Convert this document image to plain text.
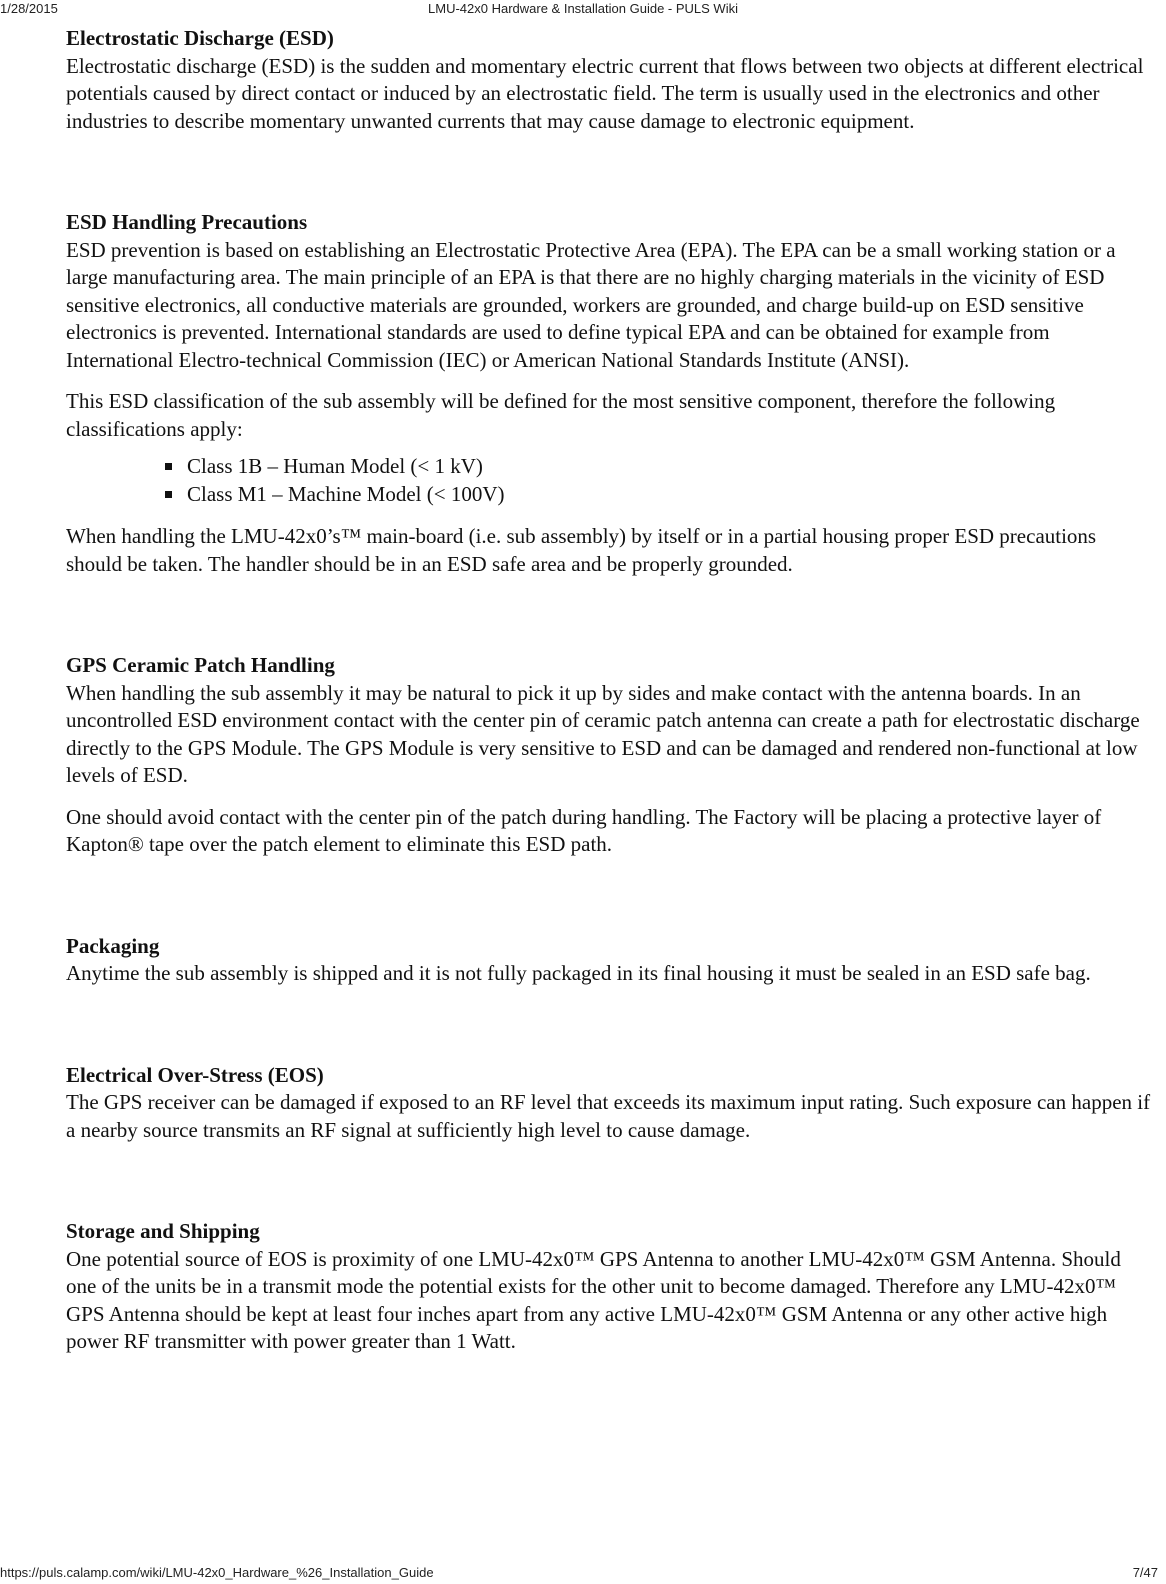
1/28/2015	LMU-42x0 Hardware & Installation Guide - PULS Wiki
Electrostatic Discharge (ESD)

Electrostatic discharge (ESD) is the sudden and momentary electric current that flows between two objects at different electrical potentials caused by direct contact or induced by an electrostatic field. The term is usually used in the electronics and other industries to describe momentary unwanted currents that may cause damage to electronic equipment.

ESD Handling Precautions

ESD prevention is based on establishing an Electrostatic Protective Area (EPA). The EPA can be a small working station or a large manufacturing area. The main principle of an EPA is that there are no highly charging materials in the vicinity of ESD sensitive electronics, all conductive materials are grounded, workers are grounded, and charge build-up on ESD sensitive electronics is prevented. International standards are used to define typical EPA and can be obtained for example from International Electro-technical Commission (IEC) or American National Standards Institute (ANSI).

This ESD classification of the sub assembly will be defined for the most sensitive component, therefore the following classifications apply:

Class 1B – Human Model (< 1 kV)
Class M1 – Machine Model (< 100V)

When handling the LMU-42x0’s™ main-board (i.e. sub assembly) by itself or in a partial housing proper ESD precautions should be taken. The handler should be in an ESD safe area and be properly grounded.

GPS Ceramic Patch Handling

When handling the sub assembly it may be natural to pick it up by sides and make contact with the antenna boards. In an uncontrolled ESD environment contact with the center pin of ceramic patch antenna can create a path for electrostatic discharge directly to the GPS Module. The GPS Module is very sensitive to ESD and can be damaged and rendered non-functional at low levels of ESD.

One should avoid contact with the center pin of the patch during handling. The Factory will be placing a protective layer of Kapton® tape over the patch element to eliminate this ESD path.

Packaging

Anytime the sub assembly is shipped and it is not fully packaged in its final housing it must be sealed in an ESD safe bag.

Electrical Over-Stress (EOS)

The GPS receiver can be damaged if exposed to an RF level that exceeds its maximum input rating. Such exposure can happen if a nearby source transmits an RF signal at sufficiently high level to cause damage.

Storage and Shipping

One potential source of EOS is proximity of one LMU-42x0™ GPS Antenna to another LMU-42x0™ GSM Antenna. Should one of the units be in a transmit mode the potential exists for the other unit to become damaged. Therefore any LMU-42x0™ GPS Antenna should be kept at least four inches apart from any active LMU-42x0™ GSM Antenna or any other active high power RF transmitter with power greater than 1 Watt.

https://puls.calamp.com/wiki/LMU-42x0_Hardware_%26_Installation_Guide	7/47
